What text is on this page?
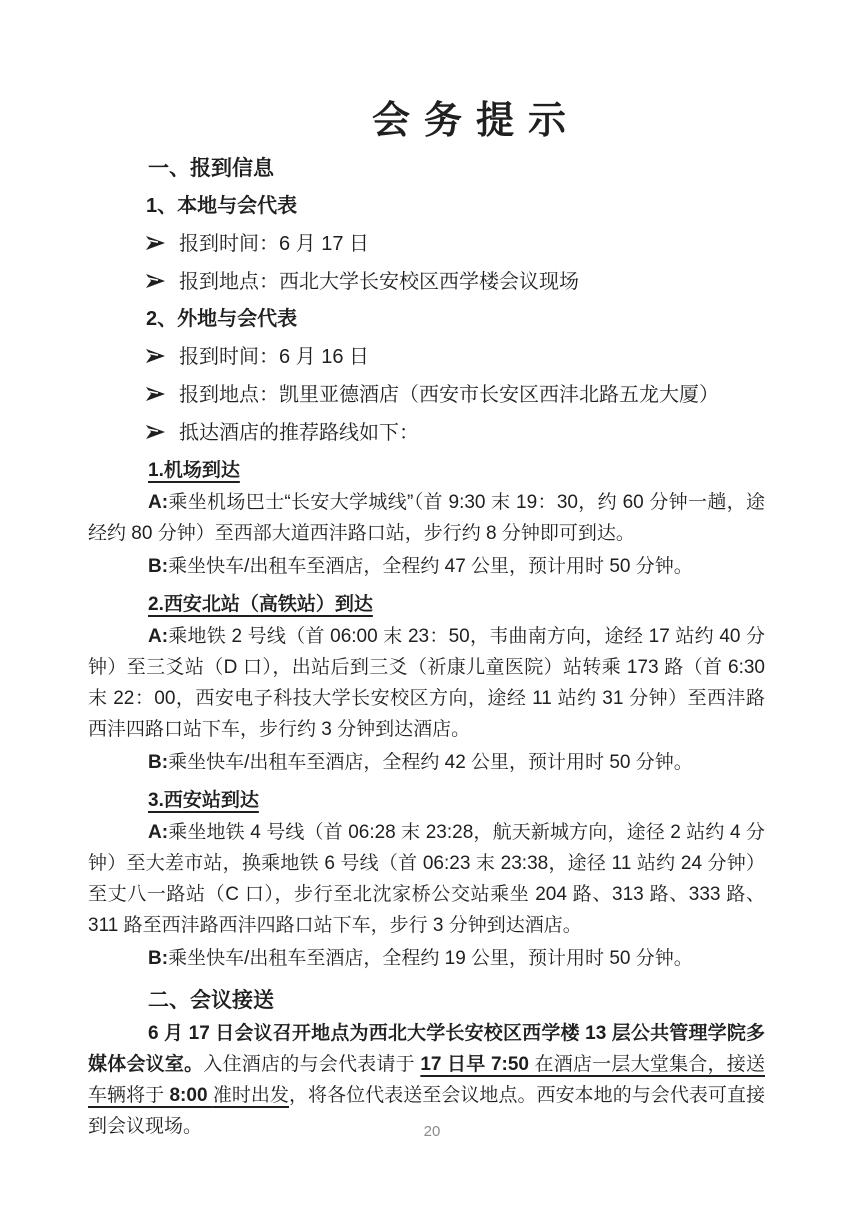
会务提示
一、报到信息
1、本地与会代表
报到时间：6 月 17 日
报到地点：西北大学长安校区西学楼会议现场
2、外地与会代表
报到时间：6 月 16 日
报到地点：凯里亚德酒店（西安市长安区西沣北路五龙大厦）
抵达酒店的推荐路线如下：
1.机场到达

A:乘坐机场巴士“长安大学城线”（首 9:30 末 19：30，约 60 分钟一趟，途经约 80 分钟）至西部大道西沣路口站，步行约 8 分钟即可到达。

B:乘坐快车/出租车至酒店，全程约 47 公里，预计用时 50 分钟。

2.西安北站（高铁站）到达

A:乘地铁 2 号线（首 06:00 末 23：50，韦曲南方向，途经 17 站约 40 分钟）至三爻站（D 口），出站后到三爻（祈康儿童医院）站转乘 173 路（首 6:30 末 22：00，西安电子科技大学长安校区方向，途经 11 站约 31 分钟）至西沣路西沣四路口站下车，步行约 3 分钟到达酒店。

B:乘坐快车/出租车至酒店，全程约 42 公里，预计用时 50 分钟。

3.西安站到达

A:乘坐地铁 4 号线（首 06:28 末 23:28，航天新城方向，途径 2 站约 4 分钟）至大差市站，换乘地铁 6 号线（首 06:23 末 23:38，途径 11 站约 24 分钟）至丈八一路站（C 口），步行至北沈家桥公交站乘坐 204 路、313 路、333 路、311 路至西沣路西沣四路口站下车，步行 3 分钟到达酒店。

B:乘坐快车/出租车至酒店，全程约 19 公里，预计用时 50 分钟。

二、会议接送

6 月 17 日会议召开地点为西北大学长安校区西学楼 13 层公共管理学院多媒体会议室。入住酒店的与会代表请于 17 日早 7:50 在酒店一层大堂集合，接送车辆将于 8:00 准时出发，将各位代表送至会议地点。西安本地的与会代表可直接到会议现场。	20
